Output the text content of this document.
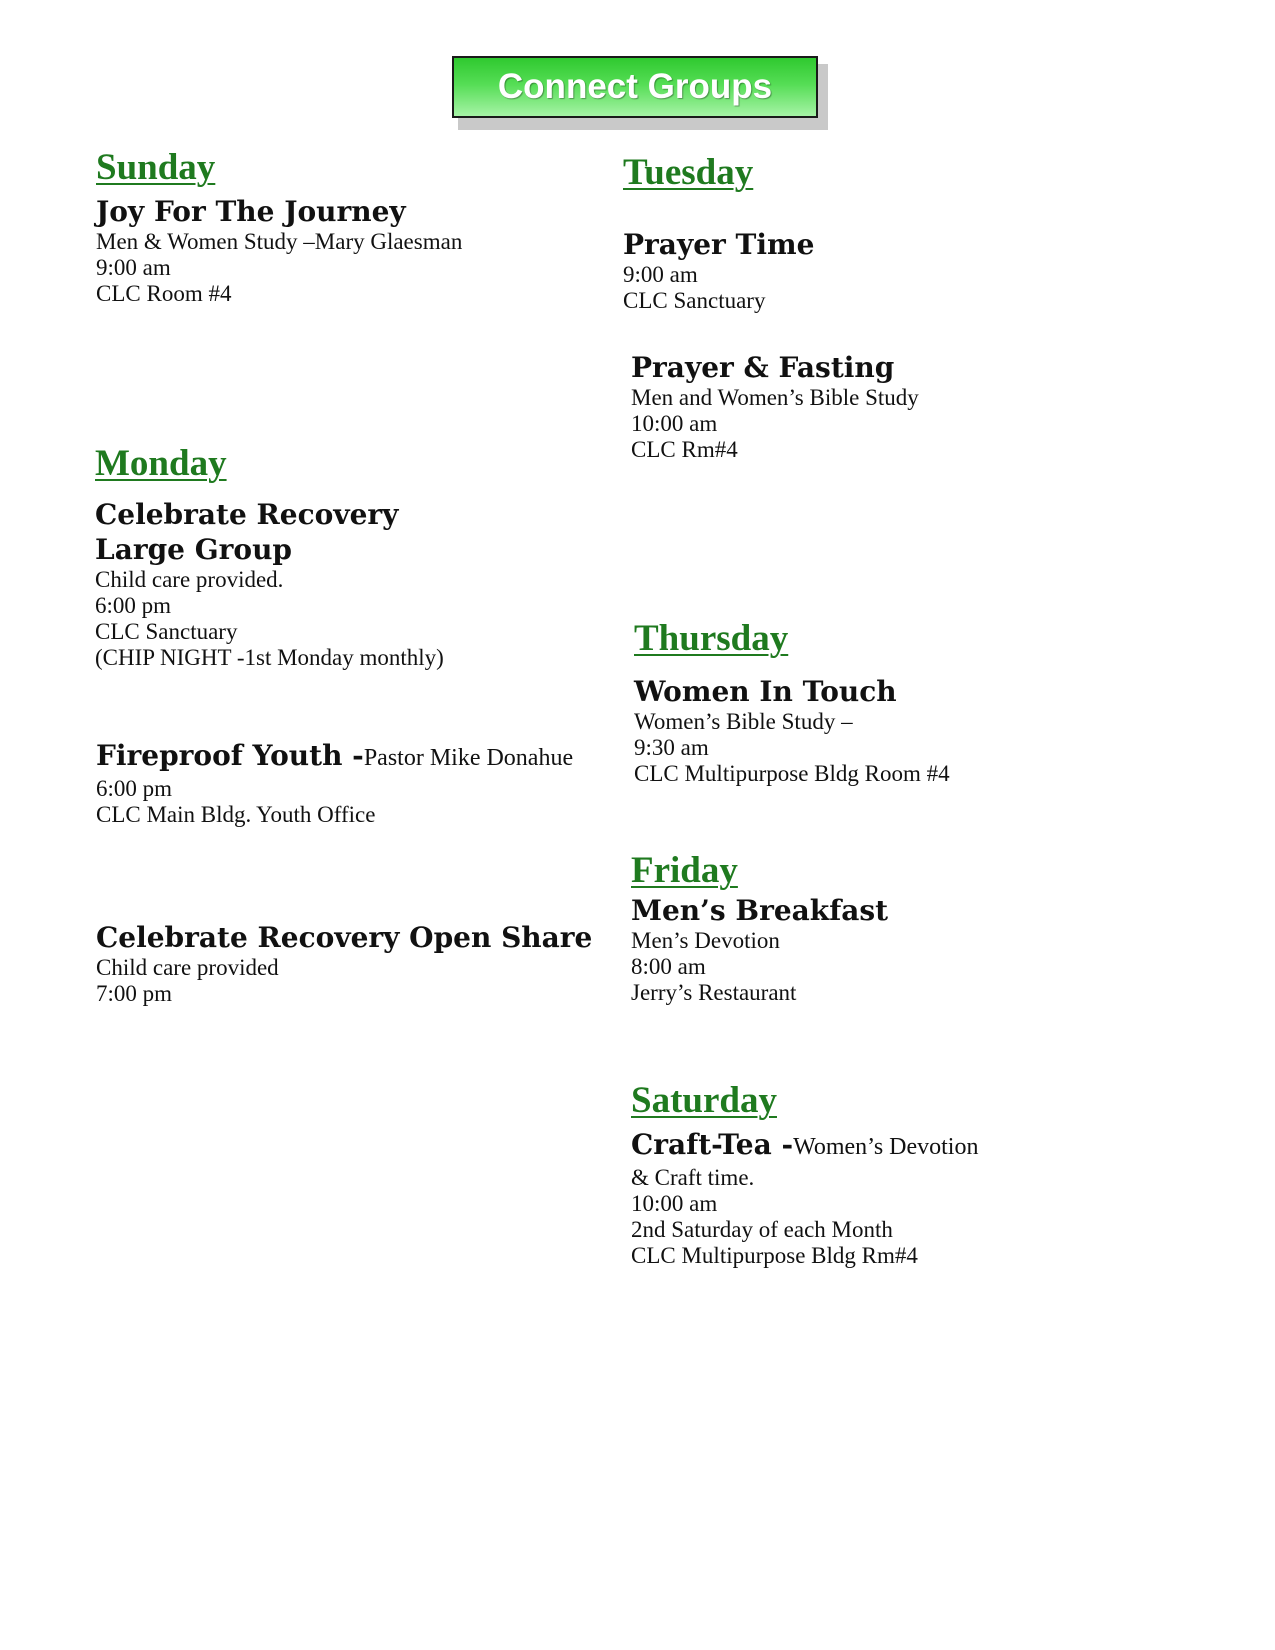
Connect Groups
Sunday
Joy For The Journey
Men & Women Study –Mary Glaesman
9:00 am
CLC Room #4
Monday
Celebrate Recovery
Large Group
Child care provided.
6:00 pm
CLC Sanctuary
(CHIP NIGHT -1st Monday monthly)
Fireproof Youth -Pastor Mike Donahue
6:00 pm
CLC Main Bldg. Youth Office
Celebrate Recovery Open Share
Child care provided
7:00 pm
Tuesday
Prayer Time
9:00 am
CLC Sanctuary
Prayer & Fasting
Men and Women’s Bible Study
10:00 am
CLC Rm#4
Thursday
Women In Touch
Women’s Bible Study –
9:30 am
CLC Multipurpose Bldg Room #4
Friday
Men’s Breakfast
Men’s Devotion
8:00 am
Jerry’s Restaurant
Saturday
Craft-Tea -Women’s Devotion
& Craft time.
10:00 am
2nd Saturday of each Month
CLC Multipurpose Bldg Rm#4
